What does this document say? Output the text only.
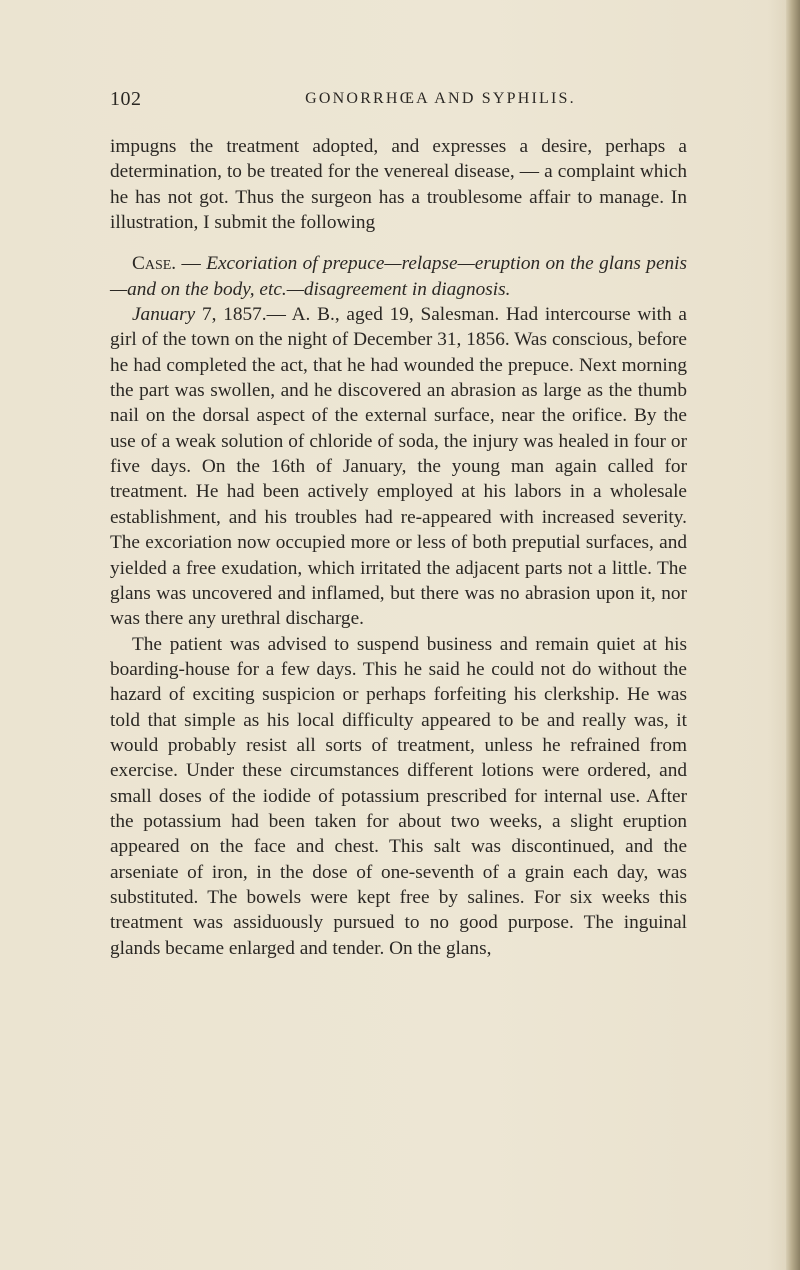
102	GONORRHŒA AND SYPHILIS.

impugns the treatment adopted, and expresses a desire, perhaps a determination, to be treated for the venereal disease, — a complaint which he has not got. Thus the surgeon has a troublesome affair to manage. In illustration, I submit the following

Case. — Excoriation of prepuce—relapse—eruption on the glans penis—and on the body, etc.—disagreement in diagnosis.

January 7, 1857.— A. B., aged 19, Salesman. Had intercourse with a girl of the town on the night of December 31, 1856. Was conscious, before he had completed the act, that he had wounded the prepuce. Next morning the part was swollen, and he discovered an abrasion as large as the thumb nail on the dorsal aspect of the external surface, near the orifice. By the use of a weak solution of chloride of soda, the injury was healed in four or five days. On the 16th of January, the young man again called for treatment. He had been actively employed at his labors in a wholesale establishment, and his troubles had re-appeared with increased severity. The excoriation now occupied more or less of both preputial surfaces, and yielded a free exudation, which irritated the adjacent parts not a little. The glans was uncovered and inflamed, but there was no abrasion upon it, nor was there any urethral discharge.

The patient was advised to suspend business and remain quiet at his boarding-house for a few days. This he said he could not do without the hazard of exciting suspicion or perhaps forfeiting his clerkship. He was told that simple as his local difficulty appeared to be and really was, it would probably resist all sorts of treatment, unless he refrained from exercise. Under these circumstances different lotions were ordered, and small doses of the iodide of potassium prescribed for internal use. After the potassium had been taken for about two weeks, a slight eruption appeared on the face and chest. This salt was discontinued, and the arseniate of iron, in the dose of one-seventh of a grain each day, was substituted. The bowels were kept free by salines. For six weeks this treatment was assiduously pursued to no good purpose. The inguinal glands became enlarged and tender. On the glans,
